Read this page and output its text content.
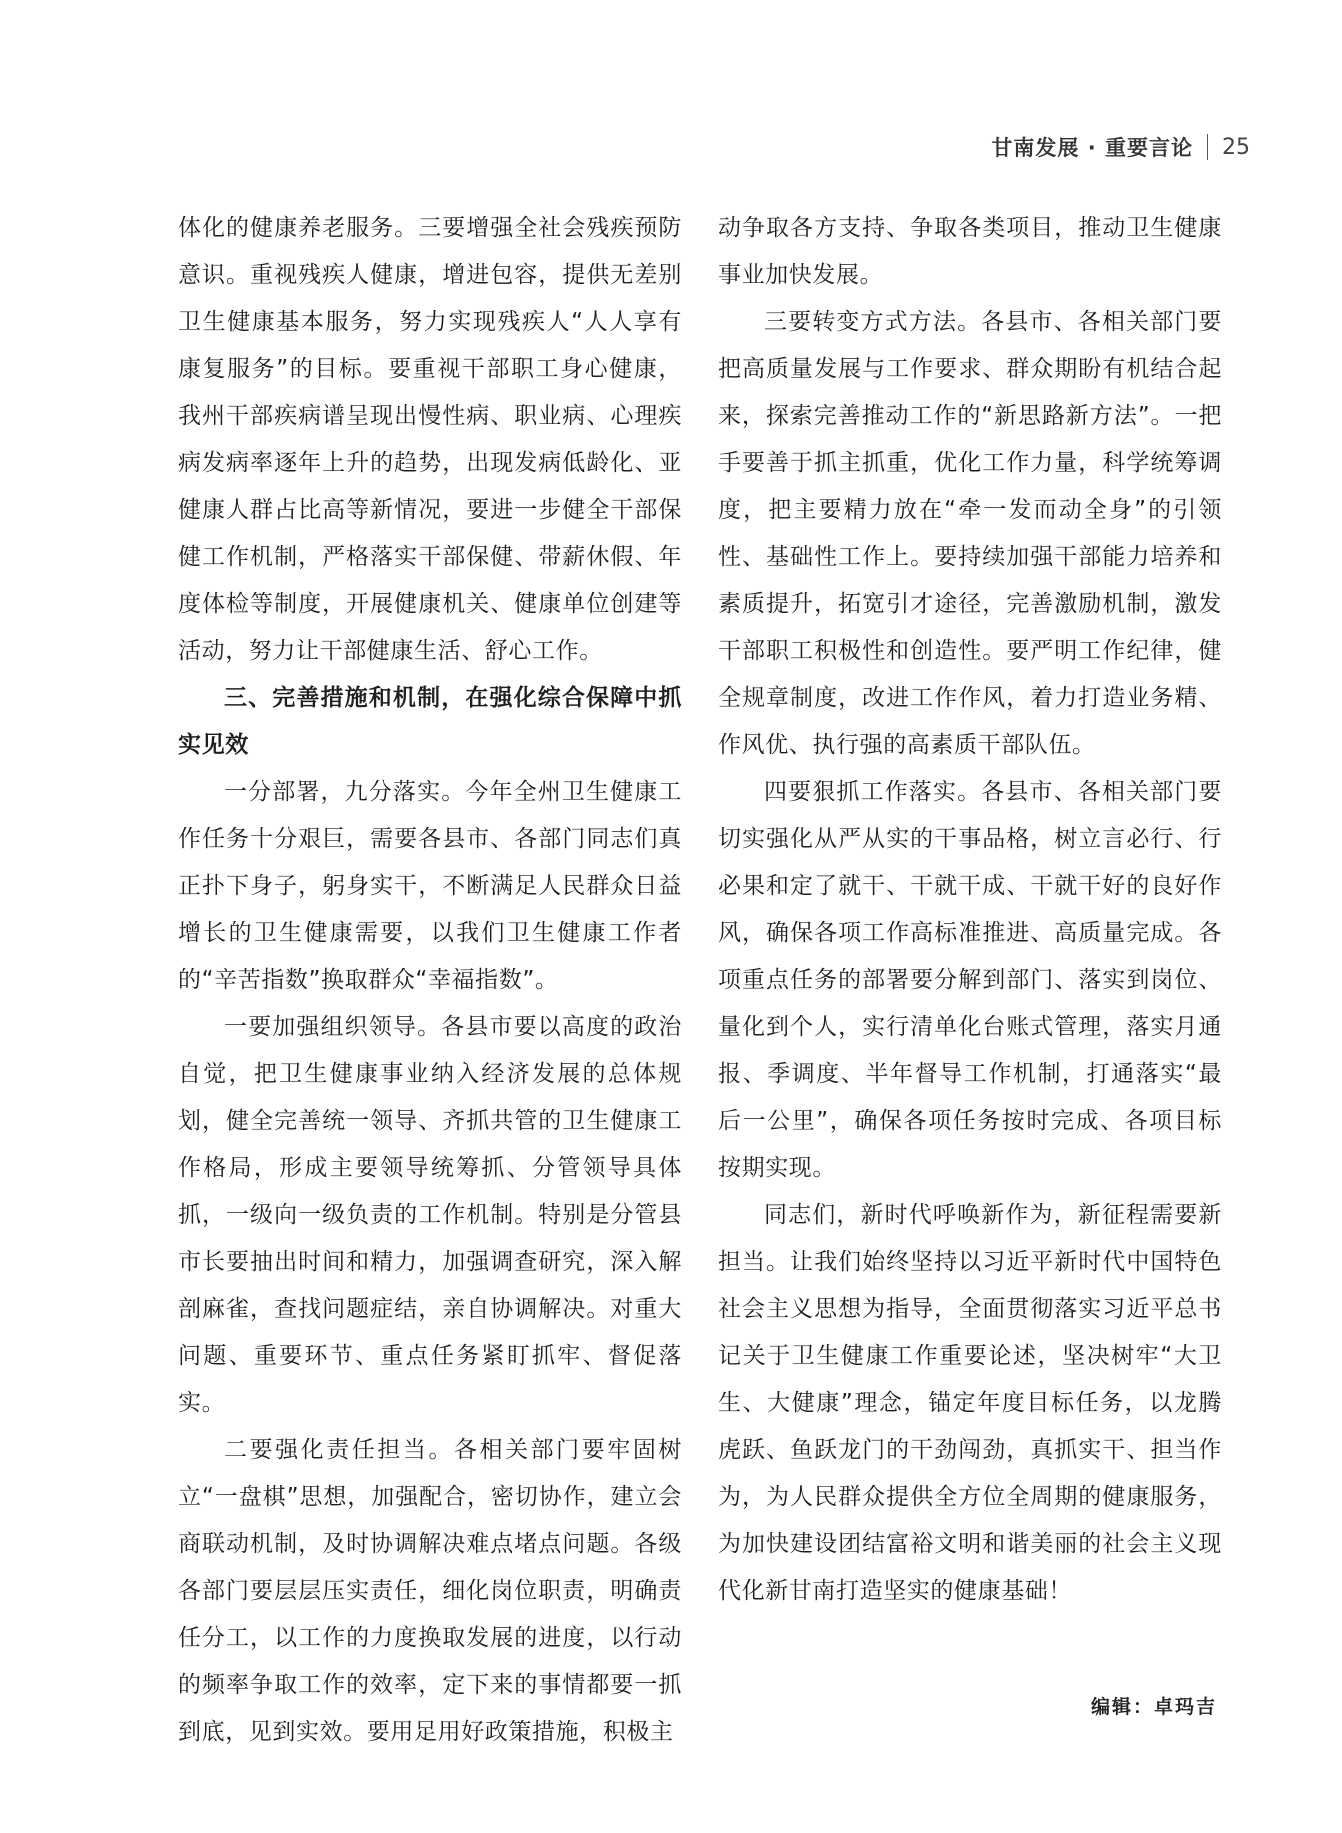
甘南发展 · 重要言论 25

体化的健康养老服务。三要增强全社会残疾预防意识。重视残疾人健康，增进包容，提供无差别卫生健康基本服务，努力实现残疾人“人人享有康复服务”的目标。要重视干部职工身心健康，我州干部疾病谱呈现出慢性病、职业病、心理疾病发病率逐年上升的趋势，出现发病低龄化、亚健康人群占比高等新情况，要进一步健全干部保健工作机制，严格落实干部保健、带薪休假、年度体检等制度，开展健康机关、健康单位创建等活动，努力让干部健康生活、舒心工作。

三、完善措施和机制，在强化综合保障中抓实见效

一分部署，九分落实。今年全州卫生健康工作任务十分艰巨，需要各县市、各部门同志们真正扑下身子，躬身实干，不断满足人民群众日益增长的卫生健康需要，以我们卫生健康工作者的“辛苦指数”换取群众“幸福指数”。

一要加强组织领导。各县市要以高度的政治自觉，把卫生健康事业纳入经济发展的总体规划，健全完善统一领导、齐抓共管的卫生健康工作格局，形成主要领导统筹抓、分管领导具体抓，一级向一级负责的工作机制。特别是分管县市长要抽出时间和精力，加强调查研究，深入解剖麻雀，查找问题症结，亲自协调解决。对重大问题、重要环节、重点任务紧盯抓牢、督促落实。

二要强化责任担当。各相关部门要牢固树立“一盘棋”思想，加强配合，密切协作，建立会商联动机制，及时协调解决难点堵点问题。各级各部门要层层压实责任，细化岗位职责，明确责任分工，以工作的力度换取发展的进度，以行动的频率争取工作的效率，定下来的事情都要一抓到底，见到实效。要用足用好政策措施，积极主

动争取各方支持、争取各类项目，推动卫生健康事业加快发展。

三要转变方式方法。各县市、各相关部门要把高质量发展与工作要求、群众期盼有机结合起来，探索完善推动工作的“新思路新方法”。一把手要善于抓主抓重，优化工作力量，科学统筹调度，把主要精力放在“牵一发而动全身”的引领性、基础性工作上。要持续加强干部能力培养和素质提升，拓宽引才途径，完善激励机制，激发干部职工积极性和创造性。要严明工作纪律，健全规章制度，改进工作作风，着力打造业务精、作风优、执行强的高素质干部队伍。

四要狠抓工作落实。各县市、各相关部门要切实强化从严从实的干事品格，树立言必行、行必果和定了就干、干就干成、干就干好的良好作风，确保各项工作高标准推进、高质量完成。各项重点任务的部署要分解到部门、落实到岗位、量化到个人，实行清单化台账式管理，落实月通报、季调度、半年督导工作机制，打通落实“最后一公里”，确保各项任务按时完成、各项目标按期实现。

同志们，新时代呼唤新作为，新征程需要新担当。让我们始终坚持以习近平新时代中国特色社会主义思想为指导，全面贯彻落实习近平总书记关于卫生健康工作重要论述，坚决树牢“大卫生、大健康”理念，锚定年度目标任务，以龙腾虎跃、鱼跃龙门的干劲闯劲，真抓实干、担当作为，为人民群众提供全方位全周期的健康服务，为加快建设团结富裕文明和谐美丽的社会主义现代化新甘南打造坚实的健康基础！

编辑：卓玛吉
